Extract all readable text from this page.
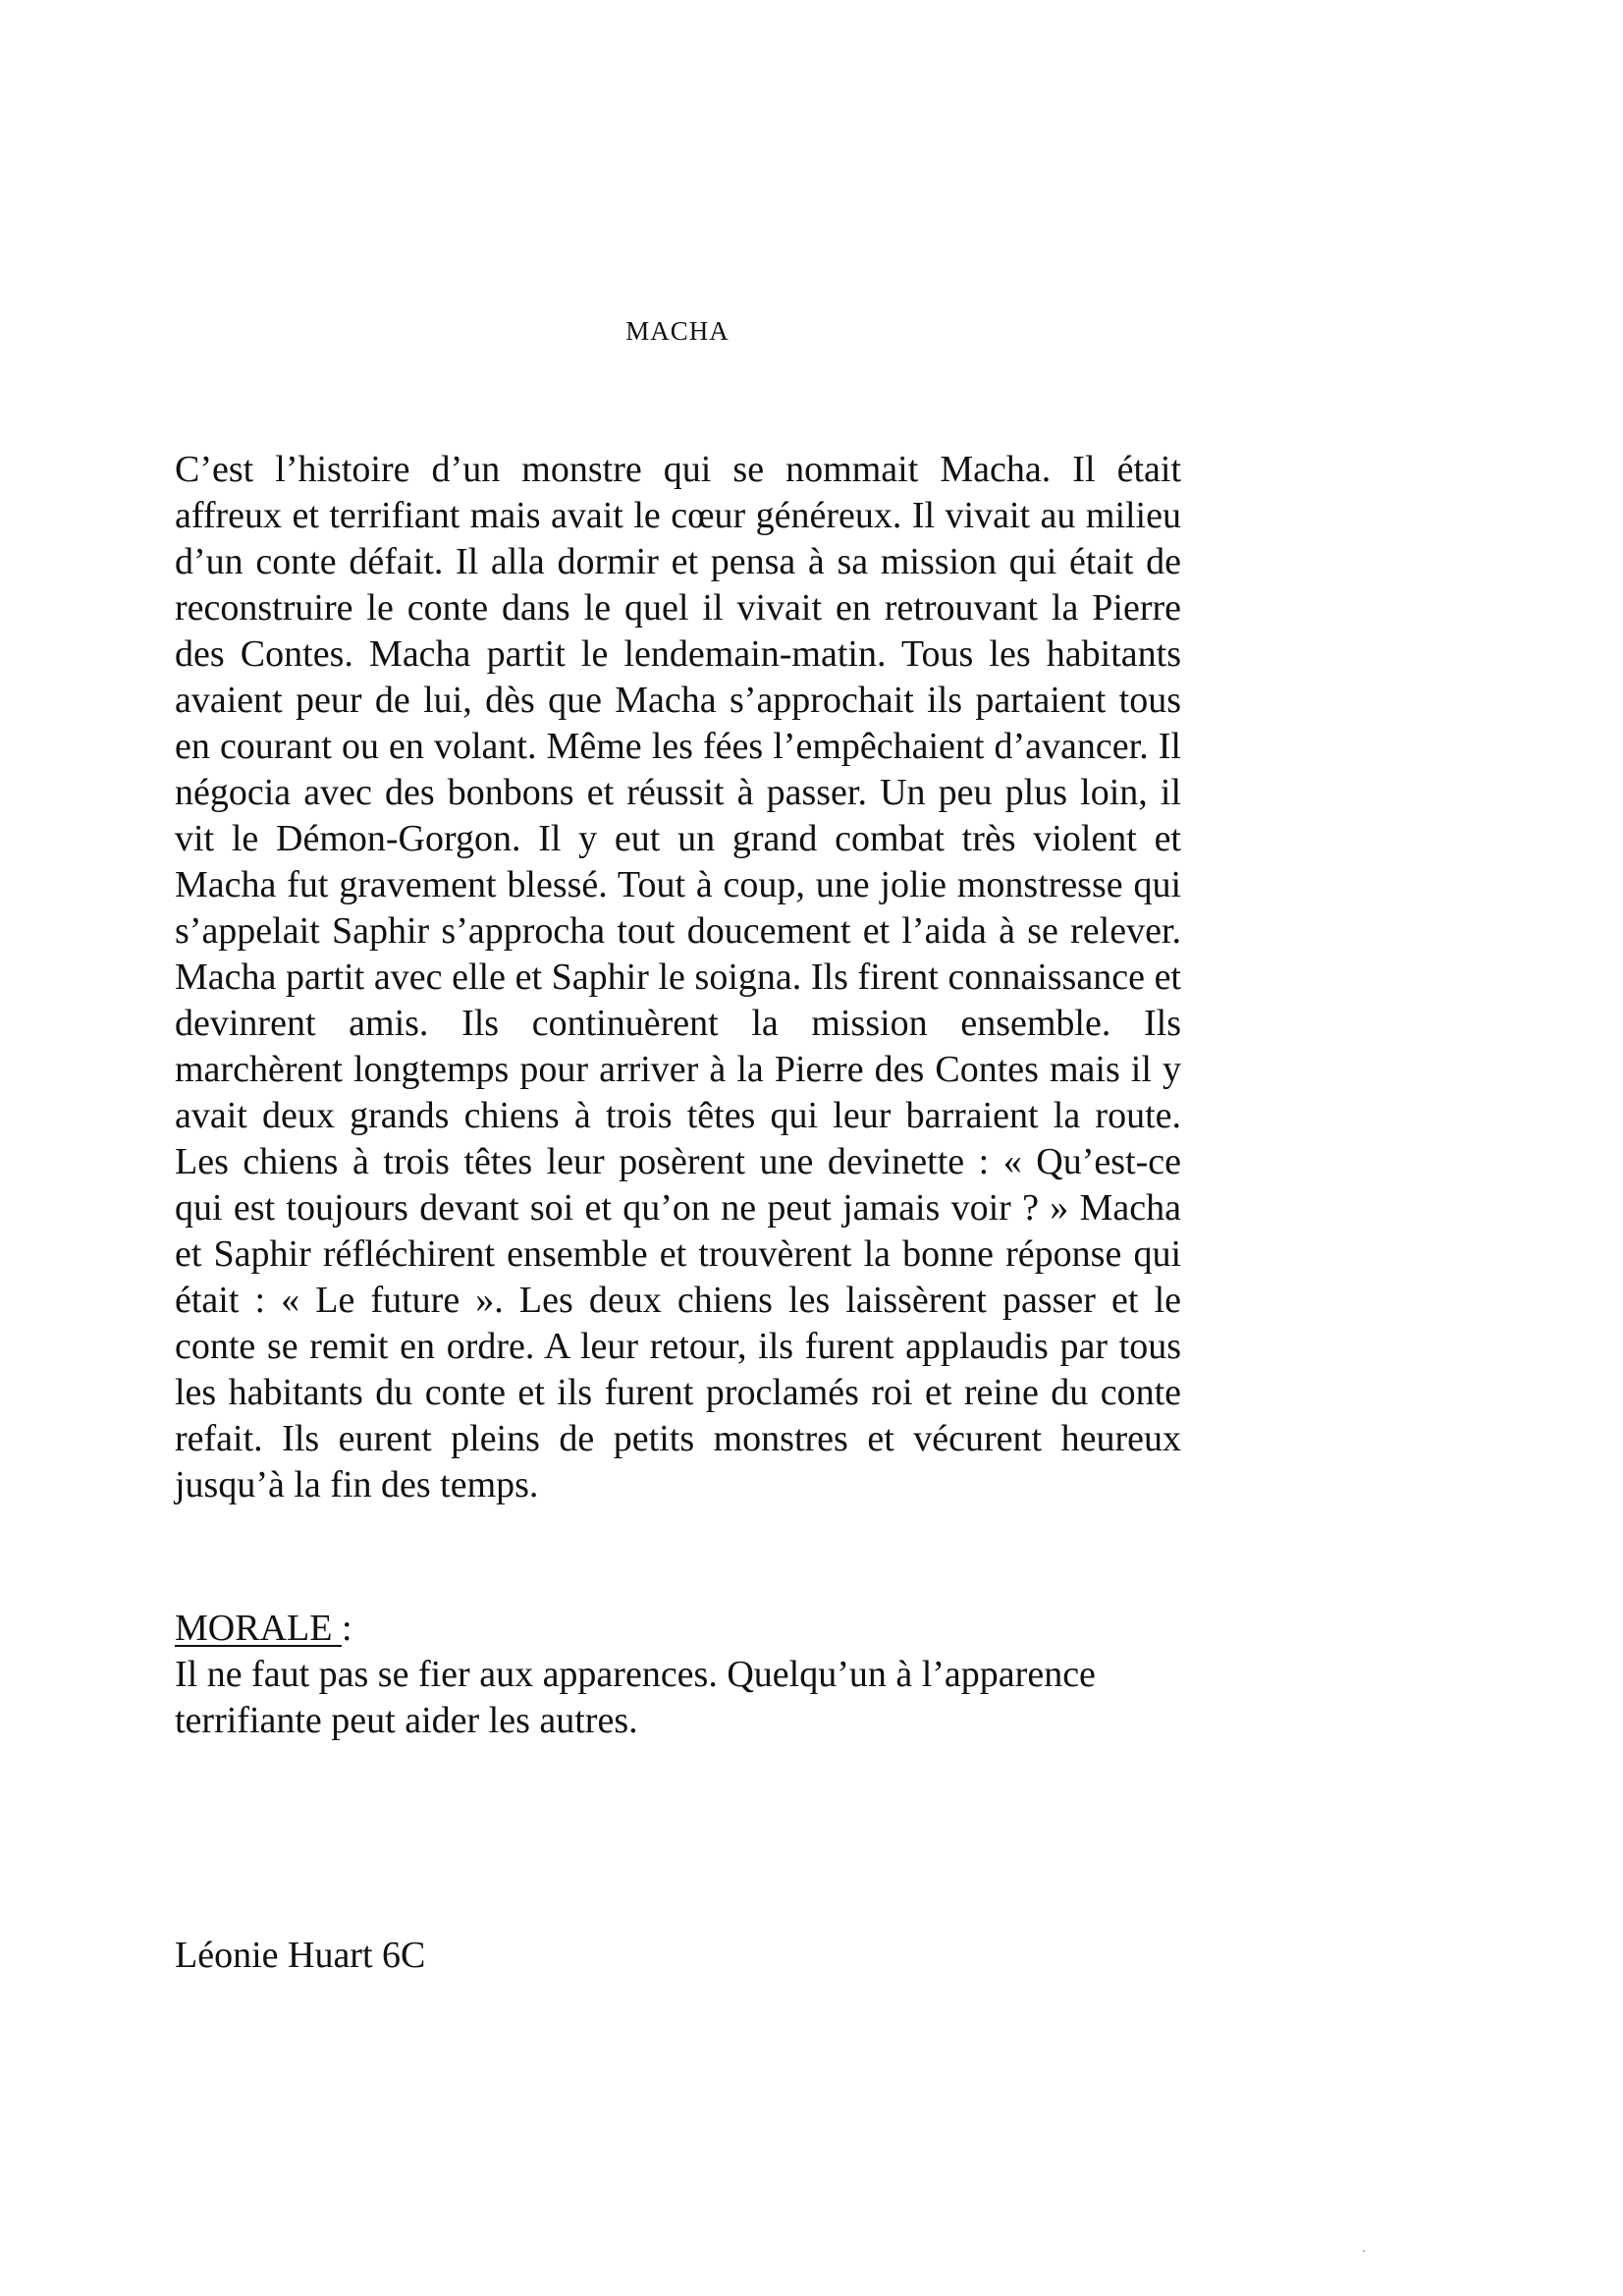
MACHA

C’est l’histoire d’un monstre qui se nommait Macha. Il était affreux et terrifiant mais avait le cœur généreux. Il vivait au milieu d’un conte défait. Il alla dormir et pensa à sa mission qui était de reconstruire le conte dans le quel il vivait en retrouvant la Pierre des Contes. Macha partit le lendemain-matin. Tous les habitants avaient peur de lui, dès que Macha s’approchait ils partaient tous en courant ou en volant. Même les fées l’empêchaient d’avancer. Il négocia avec des bonbons et réussit à passer. Un peu plus loin, il vit le Démon-Gorgon. Il y eut un grand combat très violent et Macha fut gravement blessé. Tout à coup, une jolie monstresse qui s’appelait Saphir s’approcha tout doucement et l’aida à se relever. Macha partit avec elle et Saphir le soigna. Ils firent connaissance et devinrent amis. Ils continuèrent la mission ensemble. Ils marchèrent longtemps pour arriver à la Pierre des Contes mais il y avait deux grands chiens à trois têtes qui leur barraient la route. Les chiens à trois têtes leur posèrent une devinette : « Qu’est-ce qui est toujours devant soi et qu’on ne peut jamais voir ? » Macha et Saphir réfléchirent ensemble et trouvèrent la bonne réponse qui était : « Le future ». Les deux chiens les laissèrent passer et le conte se remit en ordre. A leur retour, ils furent applaudis par tous les habitants du conte et ils furent proclamés roi et reine du conte refait. Ils eurent pleins de petits monstres et vécurent heureux jusqu’à la fin des temps.

MORALE :

Il ne faut pas se fier aux apparences. Quelqu’un à l’apparence terrifiante peut aider les autres.

Léonie Huart 6C
